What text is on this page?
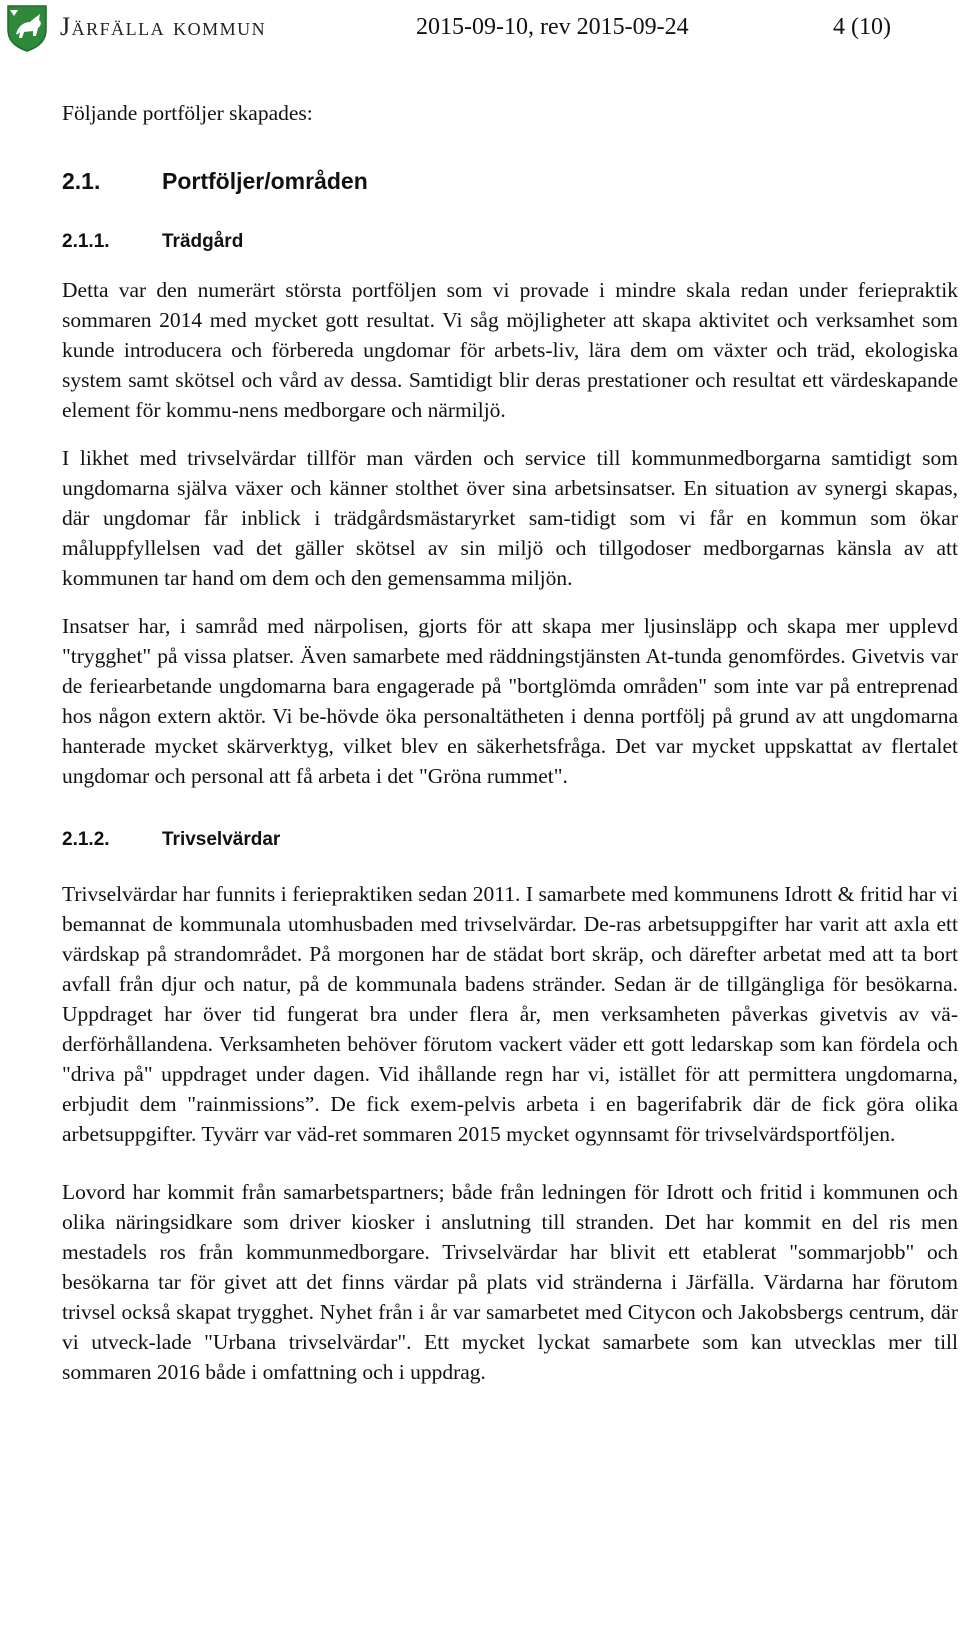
Järfälla kommun	2015-09-10, rev 2015-09-24	4 (10)

Följande portföljer skapades:

2.1.	Portföljer/områden
2.1.1.	Trädgård

Detta var den numerärt största portföljen som vi provade i mindre skala redan under feriepraktik sommaren 2014 med mycket gott resultat. Vi såg möjligheter att skapa aktivitet och verksamhet som kunde introducera och förbereda ungdomar för arbets-liv, lära dem om växter och träd, ekologiska system samt skötsel och vård av dessa. Samtidigt blir deras prestationer och resultat ett värdeskapande element för kommu-nens medborgare och närmiljö.

I likhet med trivselvärdar tillför man värden och service till kommunmedborgarna samtidigt som ungdomarna själva växer och känner stolthet över sina arbetsinsatser. En situation av synergi skapas, där ungdomar får inblick i trädgårdsmästaryrket sam-tidigt som vi får en kommun som ökar måluppfyllelsen vad det gäller skötsel av sin miljö och tillgodoser medborgarnas känsla av att kommunen tar hand om dem och den gemensamma miljön.

Insatser har, i samråd med närpolisen, gjorts för att skapa mer ljusinsläpp och skapa mer upplevd "trygghet" på vissa platser. Även samarbete med räddningstjänsten At-tunda genomfördes. Givetvis var de feriearbetande ungdomarna bara engagerade på "bortglömda områden" som inte var på entreprenad hos någon extern aktör. Vi be-hövde öka personaltätheten i denna portfölj på grund av att ungdomarna hanterade mycket skärverktyg, vilket blev en säkerhetsfråga. Det var mycket uppskattat av flertalet ungdomar och personal att få arbeta i det "Gröna rummet".

2.1.2.	Trivselvärdar

Trivselvärdar har funnits i feriepraktiken sedan 2011. I samarbete med kommunens Idrott & fritid har vi bemannat de kommunala utomhusbaden med trivselvärdar. De-ras arbetsuppgifter har varit att axla ett värdskap på strandområdet. På morgonen har de städat bort skräp, och därefter arbetat med att ta bort avfall från djur och natur, på de kommunala badens stränder. Sedan är de tillgängliga för besökarna. Uppdraget har över tid fungerat bra under flera år, men verksamheten påverkas givetvis av vä-derförhållandena. Verksamheten behöver förutom vackert väder ett gott ledarskap som kan fördela och "driva på" uppdraget under dagen. Vid ihållande regn har vi, istället för att permittera ungdomarna, erbjudit dem "rainmissions”. De fick exem-pelvis arbeta i en bagerifabrik där de fick göra olika arbetsuppgifter. Tyvärr var väd-ret sommaren 2015 mycket ogynnsamt för trivselvärdsportföljen.

Lovord har kommit från samarbetspartners; både från ledningen för Idrott och fritid i kommunen och olika näringsidkare som driver kiosker i anslutning till stranden. Det har kommit en del ris men mestadels ros från kommunmedborgare. Trivselvärdar har blivit ett etablerat "sommarjobb" och besökarna tar för givet att det finns värdar på plats vid stränderna i Järfälla. Värdarna har förutom trivsel också skapat trygghet. Nyhet från i år var samarbetet med Citycon och Jakobsbergs centrum, där vi utveck-lade "Urbana trivselvärdar". Ett mycket lyckat samarbete som kan utvecklas mer till sommaren 2016 både i omfattning och i uppdrag.
